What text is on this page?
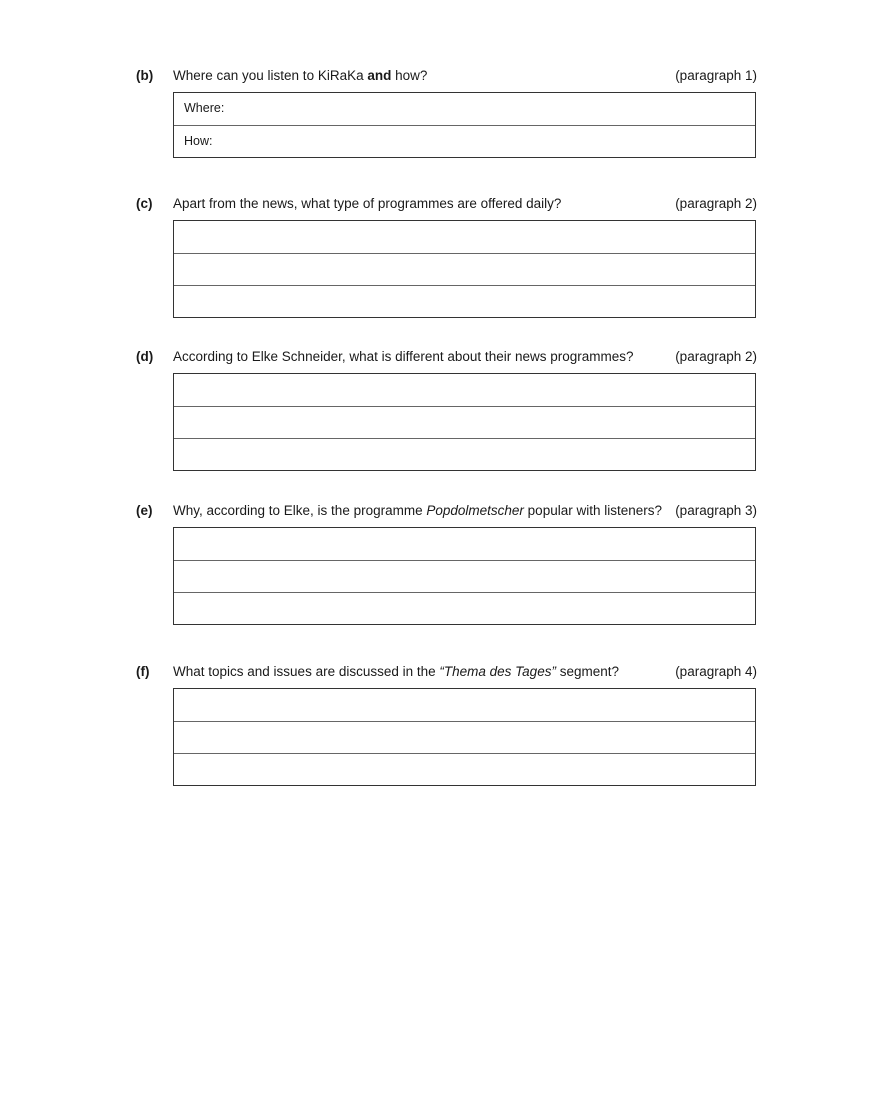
(b) Where can you listen to KiRaKa and how?	(paragraph 1)
Where:
How:
(c) Apart from the news, what type of programmes are offered daily?	(paragraph 2)
(d) According to Elke Schneider, what is different about their news programmes?	(paragraph 2)
(e) Why, according to Elke, is the programme Popdolmetscher popular with listeners? (paragraph 3)
(f) What topics and issues are discussed in the “Thema des Tages” segment?	(paragraph 4)
